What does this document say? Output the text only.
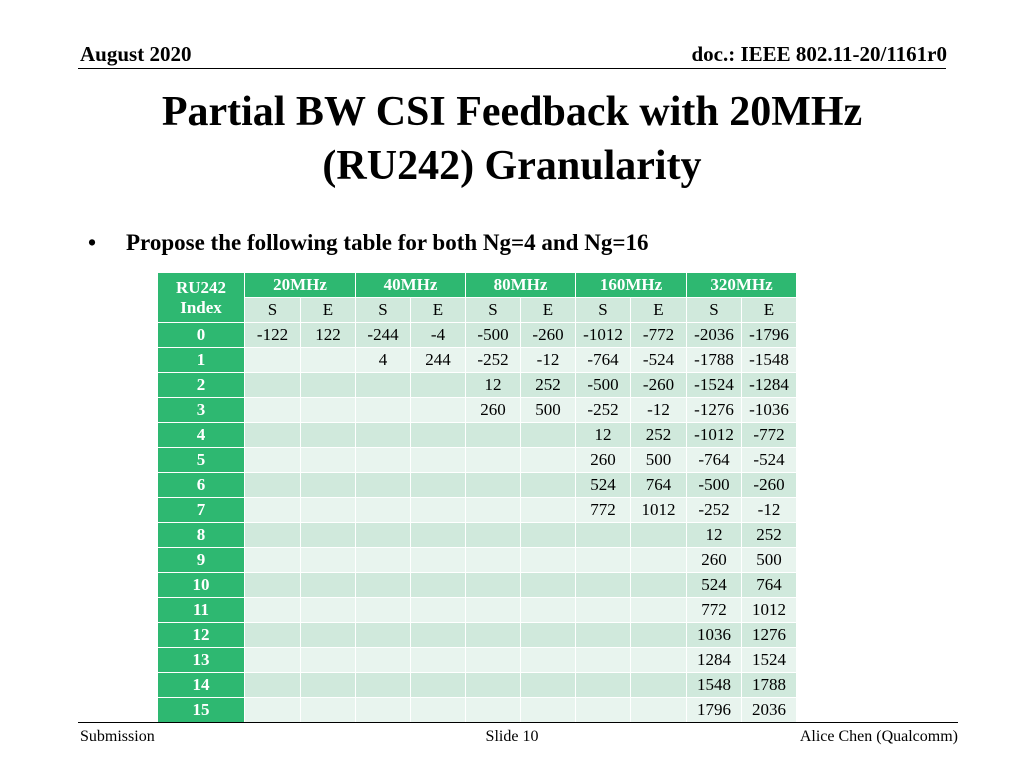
August 2020	doc.: IEEE 802.11-20/1161r0
Partial BW CSI Feedback with 20MHz
(RU242) Granularity
• Propose the following table for both Ng=4 and Ng=16
RU242
Index	20MHz		40MHz		80MHz		160MHz		320MHz	
	S	E	S	E	S	E	S	E	S	E
0	-122	122	-244	-4	-500	-260	-1012	-772	-2036	-1796
1			4	244	-252	-12	-764	-524	-1788	-1548
2					12	252	-500	-260	-1524	-1284
3					260	500	-252	-12	-1276	-1036
4							12	252	-1012	-772
5							260	500	-764	-524
6							524	764	-500	-260
7							772	1012	-252	-12
8									12	252
9									260	500
10									524	764
11									772	1012
12									1036	1276
13									1284	1524
14									1548	1788
15									1796	2036
Submission	Slide 10	Alice Chen (Qualcomm)
